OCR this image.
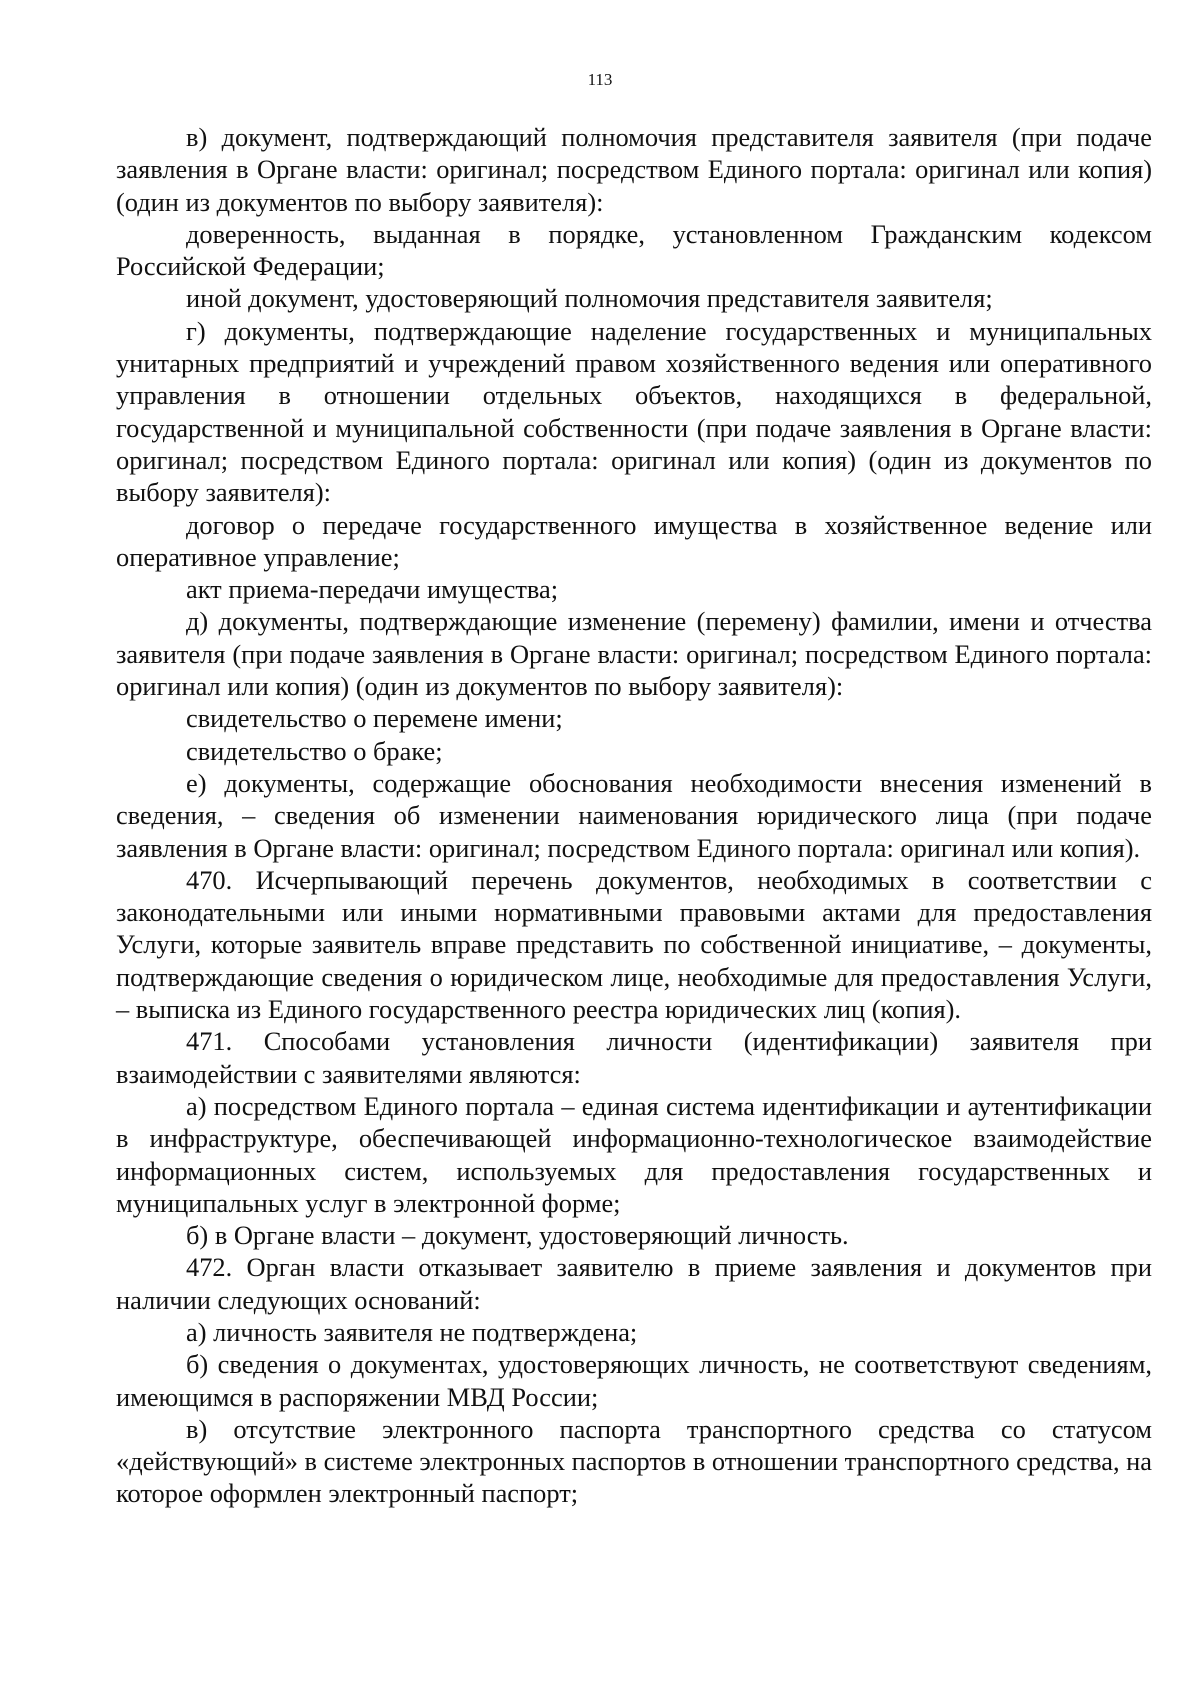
113

в) документ, подтверждающий полномочия представителя заявителя (при подаче заявления в Органе власти: оригинал; посредством Единого портала: оригинал или копия) (один из документов по выбору заявителя):

доверенность, выданная в порядке, установленном Гражданским кодексом Российской Федерации;

иной документ, удостоверяющий полномочия представителя заявителя;

г) документы, подтверждающие наделение государственных и муниципальных унитарных предприятий и учреждений правом хозяйственного ведения или оперативного управления в отношении отдельных объектов, находящихся в федеральной, государственной и муниципальной собственности (при подаче заявления в Органе власти: оригинал; посредством Единого портала: оригинал или копия) (один из документов по выбору заявителя):

договор о передаче государственного имущества в хозяйственное ведение или оперативное управление;

акт приема-передачи имущества;

д) документы, подтверждающие изменение (перемену) фамилии, имени и отчества заявителя (при подаче заявления в Органе власти: оригинал; посредством Единого портала: оригинал или копия) (один из документов по выбору заявителя):

свидетельство о перемене имени;

свидетельство о браке;

е) документы, содержащие обоснования необходимости внесения изменений в сведения, – сведения об изменении наименования юридического лица (при подаче заявления в Органе власти: оригинал; посредством Единого портала: оригинал или копия).

470. Исчерпывающий перечень документов, необходимых в соответствии с законодательными или иными нормативными правовыми актами для предоставления Услуги, которые заявитель вправе представить по собственной инициативе, – документы, подтверждающие сведения о юридическом лице, необходимые для предоставления Услуги, – выписка из Единого государственного реестра юридических лиц (копия).

471. Способами установления личности (идентификации) заявителя при взаимодействии с заявителями являются:

а) посредством Единого портала – единая система идентификации и аутентификации в инфраструктуре, обеспечивающей информационно-технологическое взаимодействие информационных систем, используемых для предоставления государственных и муниципальных услуг в электронной форме;

б) в Органе власти – документ, удостоверяющий личность.

472. Орган власти отказывает заявителю в приеме заявления и документов при наличии следующих оснований:

а) личность заявителя не подтверждена;

б) сведения о документах, удостоверяющих личность, не соответствуют сведениям, имеющимся в распоряжении МВД России;

в) отсутствие электронного паспорта транспортного средства со статусом «действующий» в системе электронных паспортов в отношении транспортного средства, на которое оформлен электронный паспорт;
